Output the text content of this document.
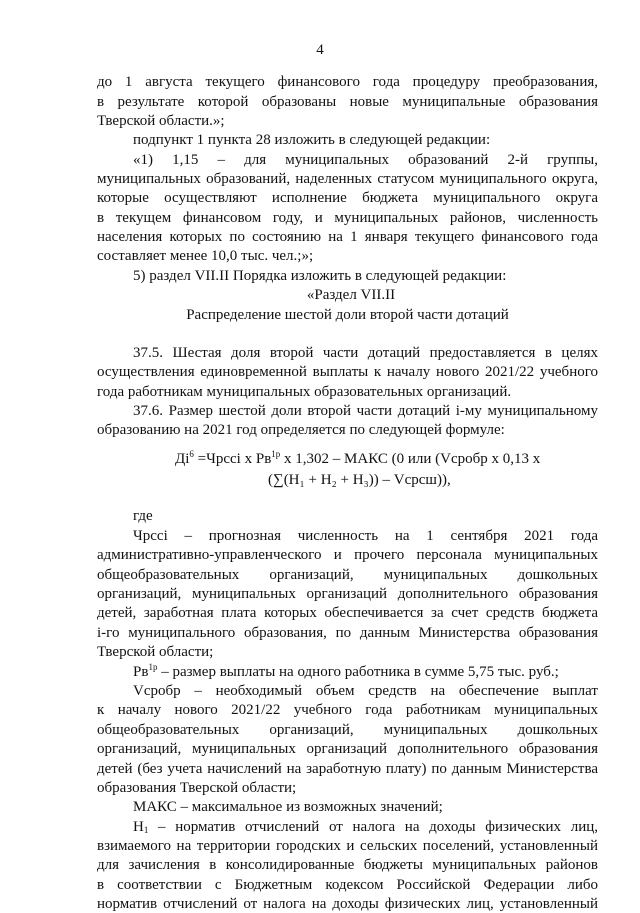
4
до 1 августа текущего финансового года процедуру преобразования,
в результате которой образованы новые муниципальные образования
Тверской области.»;
подпункт 1 пункта 28 изложить в следующей редакции:
«1) 1,15 – для муниципальных образований 2-й группы,
муниципальных образований, наделенных статусом муниципального округа,
которые осуществляют исполнение бюджета муниципального округа
в текущем финансовом году, и муниципальных районов, численность
населения которых по состоянию на 1 января текущего финансового года
составляет менее 10,0 тыс. чел.;»;
5) раздел VII.II Порядка изложить в следующей редакции:
«Раздел VII.II
Распределение шестой доли второй части дотаций
37.5. Шестая доля второй части дотаций предоставляется в целях
осуществления единовременной выплаты к началу нового 2021/22 учебного
года работникам муниципальных образовательных организаций.
37.6. Размер шестой доли второй части дотаций i-му муниципальному
образованию на 2021 год определяется по следующей формуле:
$Дi^6$ =Чрссi х $Рв^{1р}$ х 1,302 – МАКС (0 или (Vсробр х 0,13 х
(∑(Н₁ + Н₂ + Н₃)) – Vсрсш)),
где
Чрссi – прогнозная численность на 1 сентября 2021 года
административно-управленческого и прочего персонала муниципальных
общеобразовательных организаций, муниципальных дошкольных
организаций, муниципальных организаций дополнительного образования
детей, заработная плата которых обеспечивается за счет средств бюджета
i-го муниципального образования, по данным Министерства образования
Тверской области;
$Рв^{1р}$ – размер выплаты на одного работника в сумме 5,75 тыс. руб.;
Vсробр – необходимый объем средств на обеспечение выплат
к началу нового 2021/22 учебного года работникам муниципальных
общеобразовательных организаций, муниципальных дошкольных
организаций, муниципальных организаций дополнительного образования
детей (без учета начислений на заработную плату) по данным Министерства
образования Тверской области;
МАКС – максимальное из возможных значений;
$Н_1$ – норматив отчислений от налога на доходы физических лиц,
взимаемого на территории городских и сельских поселений, установленный
для зачисления в консолидированные бюджеты муниципальных районов
в соответствии с Бюджетным кодексом Российской Федерации либо
норматив отчислений от налога на доходы физических лиц, установленный
